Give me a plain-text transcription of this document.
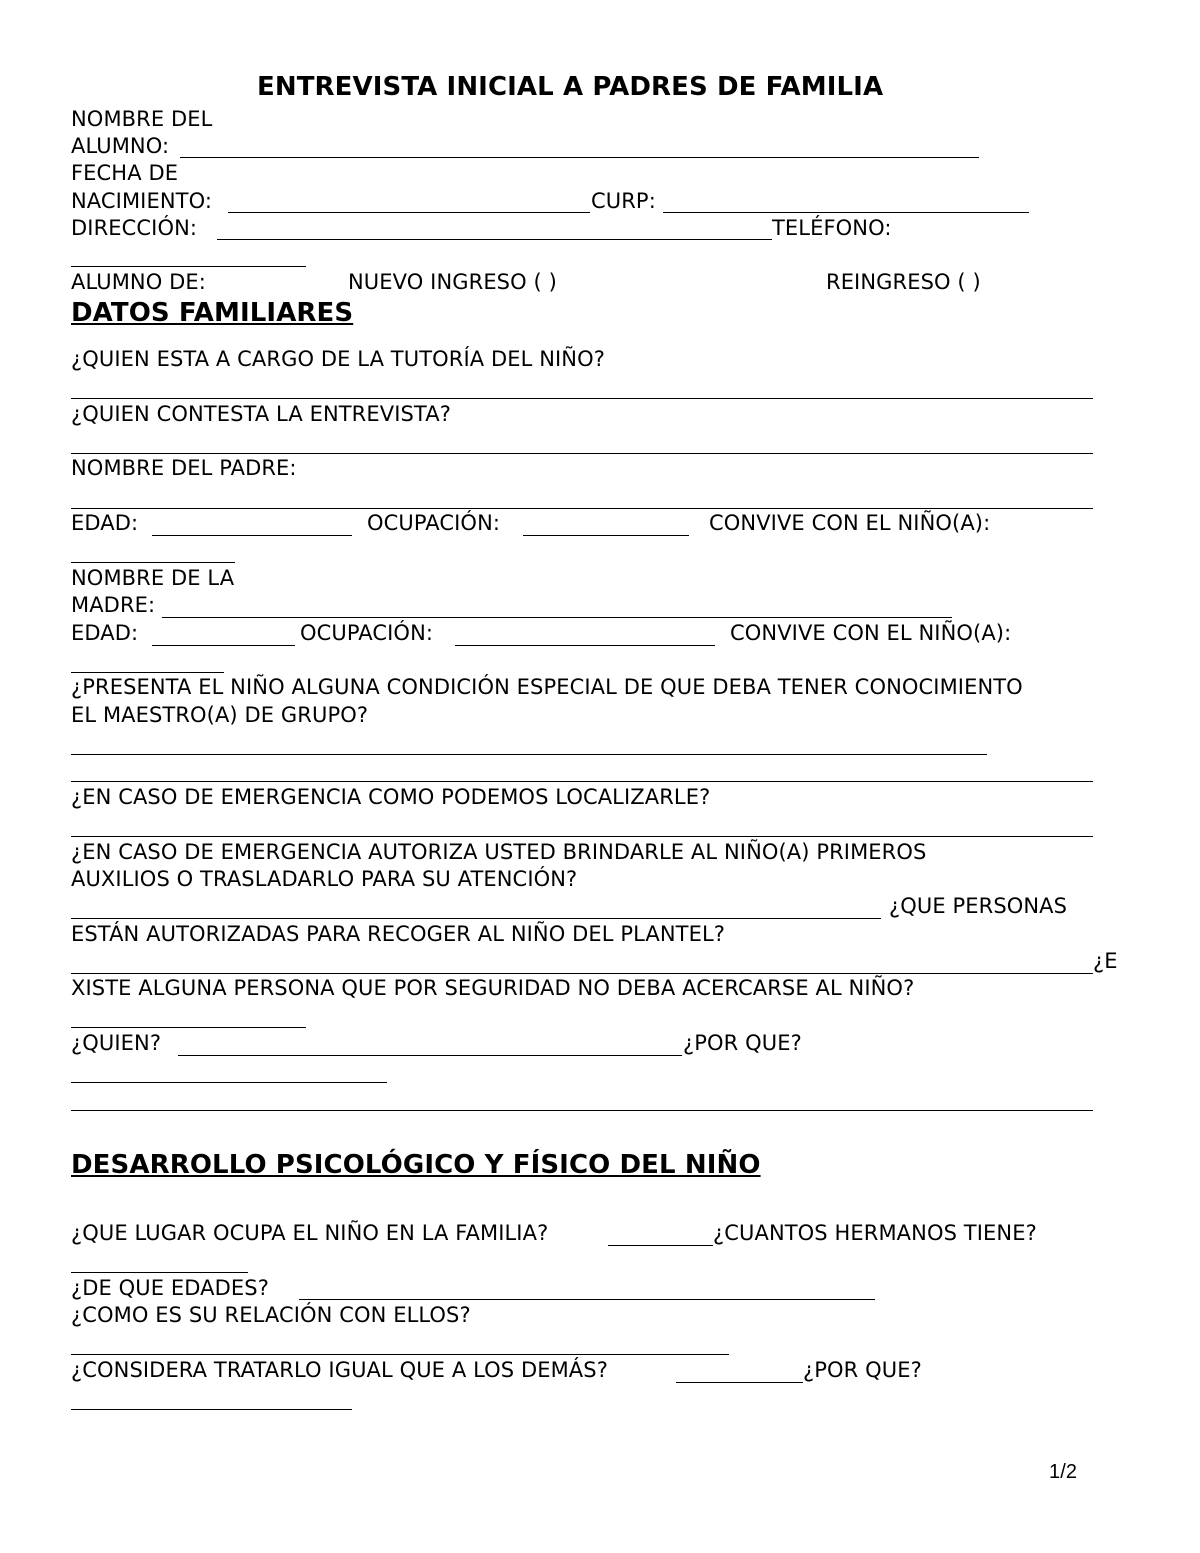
ENTREVISTA INICIAL A PADRES DE FAMILIA
NOMBRE DEL
ALUMNO:
FECHA DE
NACIMIENTO:	CURP:
DIRECCIÓN:	TELÉFONO:
ALUMNO DE:	NUEVO INGRESO ( )	REINGRESO ( )
DATOS FAMILIARES
¿QUIEN ESTA A CARGO DE LA TUTORÍA DEL NIÑO?
¿QUIEN CONTESTA LA ENTREVISTA?
NOMBRE DEL PADRE:
EDAD:	OCUPACIÓN:	CONVIVE CON EL NIÑO(A):
NOMBRE DE LA
MADRE:
EDAD:	OCUPACIÓN:	CONVIVE CON EL NIÑO(A):
¿PRESENTA EL NIÑO ALGUNA CONDICIÓN ESPECIAL DE QUE DEBA TENER CONOCIMIENTO
EL MAESTRO(A) DE GRUPO?
¿EN CASO DE EMERGENCIA COMO PODEMOS LOCALIZARLE?
¿EN CASO DE EMERGENCIA AUTORIZA USTED BRINDARLE AL NIÑO(A) PRIMEROS
AUXILIOS O TRASLADARLO PARA SU ATENCIÓN?
¿QUE PERSONAS
ESTÁN AUTORIZADAS PARA RECOGER AL NIÑO DEL PLANTEL?
¿E
XISTE ALGUNA PERSONA QUE POR SEGURIDAD NO DEBA ACERCARSE AL NIÑO?
¿QUIEN?	¿POR QUE?
DESARROLLO PSICOLÓGICO Y FÍSICO DEL NIÑO
¿QUE LUGAR OCUPA EL NIÑO EN LA FAMILIA?	¿CUANTOS HERMANOS TIENE?
¿DE QUE EDADES?
¿COMO ES SU RELACIÓN CON ELLOS?
¿CONSIDERA TRATARLO IGUAL QUE A LOS DEMÁS?	¿POR QUE?
1/2
